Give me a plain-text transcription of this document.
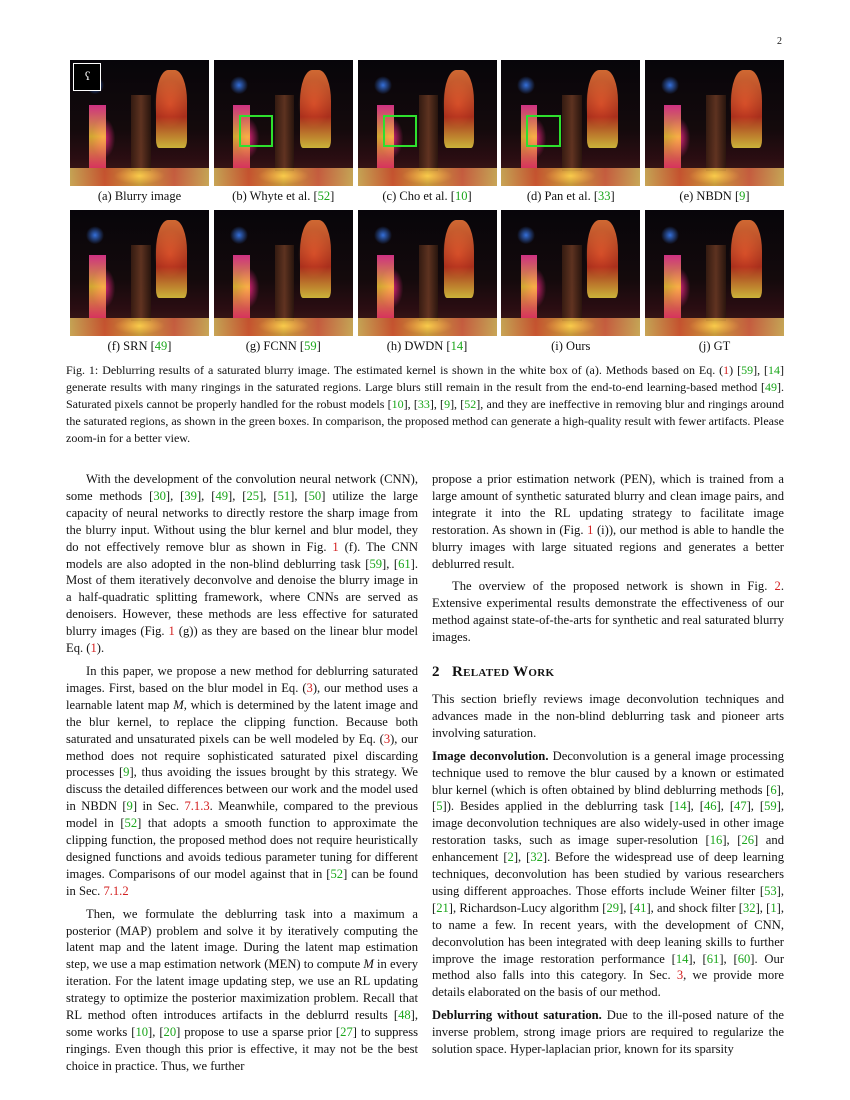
2
ʕ
(a) Blurry image	(b) Whyte et al. [52]	(c) Cho et al. [10]	(d) Pan et al. [33]	(e) NBDN [9]
(f) SRN [49]	(g) FCNN [59]	(h) DWDN [14]	(i) Ours	(j) GT
Fig. 1: Deblurring results of a saturated blurry image. The estimated kernel is shown in the white box of (a). Methods based on Eq. (1) [59], [14] generate results with many ringings in the saturated regions. Large blurs still remain in the result from the end-to-end learning-based method [49]. Saturated pixels cannot be properly handled for the robust models [10], [33], [9], [52], and they are ineffective in removing blur and ringings around the saturated regions, as shown in the green boxes. In comparison, the proposed method can generate a high-quality result with fewer artifacts. Please zoom-in for a better view.

With the development of the convolution neural network (CNN), some methods [30], [39], [49], [25], [51], [50] utilize the large capacity of neural networks to directly restore the sharp image from the blurry input. Without using the blur kernel and blur model, they do not effectively remove blur as shown in Fig. 1 (f). The CNN models are also adopted in the non-blind deblurring task [59], [61]. Most of them iteratively deconvolve and denoise the blurry image in a half-quadratic splitting framework, where CNNs are served as denoisers. However, these methods are less effective for saturated blurry images (Fig. 1 (g)) as they are based on the linear blur model Eq. (1).

In this paper, we propose a new method for deblurring saturated images. First, based on the blur model in Eq. (3), our method uses a learnable latent map M, which is determined by the latent image and the blur kernel, to replace the clipping function. Because both saturated and unsaturated pixels can be well modeled by Eq. (3), our method does not require sophisticated saturated pixel discarding processes [9], thus avoiding the issues brought by this strategy. We discuss the detailed differences between our work and the model used in NBDN [9] in Sec. 7.1.3. Meanwhile, compared to the previous model in [52] that adopts a smooth function to approximate the clipping function, the proposed method does not require heuristically designed functions and avoids tedious parameter tuning for different images. Comparisons of our model against that in [52] can be found in Sec. 7.1.2

Then, we formulate the deblurring task into a maximum a posterior (MAP) problem and solve it by iteratively computing the latent map and the latent image. During the latent map estimation step, we use a map estimation network (MEN) to compute M in every iteration. For the latent image updating step, we use an RL updating strategy to optimize the posterior maximization problem. Recall that RL method often introduces artifacts in the deblurrd results [48], some works [10], [20] propose to use a sparse prior [27] to suppress ringings. Even though this prior is effective, it may not be the best choice in practice. Thus, we further

propose a prior estimation network (PEN), which is trained from a large amount of synthetic saturated blurry and clean image pairs, and integrate it into the RL updating strategy to facilitate image restoration. As shown in (Fig. 1 (i)), our method is able to handle the blurry images with large situated regions and generates a better deblurred result.

The overview of the proposed network is shown in Fig. 2. Extensive experimental results demonstrate the effectiveness of our method against state-of-the-arts for synthetic and real saturated blurry images.

2 Related Work

This section briefly reviews image deconvolution techniques and advances made in the non-blind deblurring task and pioneer arts involving saturation.

Image deconvolution. Deconvolution is a general image processing technique used to remove the blur caused by a known or estimated blur kernel (which is often obtained by blind deblurring methods [6], [5]). Besides applied in the deblurring task [14], [46], [47], [59], image deconvolution techniques are also widely-used in other image restoration tasks, such as image super-resolution [16], [26] and enhancement [2], [32]. Before the widespread use of deep learning techniques, deconvolution has been studied by various researchers using different approaches. Those efforts include Weiner filter [53], [21], Richardson-Lucy algorithm [29], [41], and shock filter [32], [1], to name a few. In recent years, with the development of CNN, deconvolution has been integrated with deep leaning skills to further improve the image restoration performance [14], [61], [60]. Our method also falls into this category. In Sec. 3, we provide more details elaborated on the basis of our method.

Deblurring without saturation. Due to the ill-posed nature of the inverse problem, strong image priors are required to regularize the solution space. Hyper-laplacian prior, known for its sparsity
